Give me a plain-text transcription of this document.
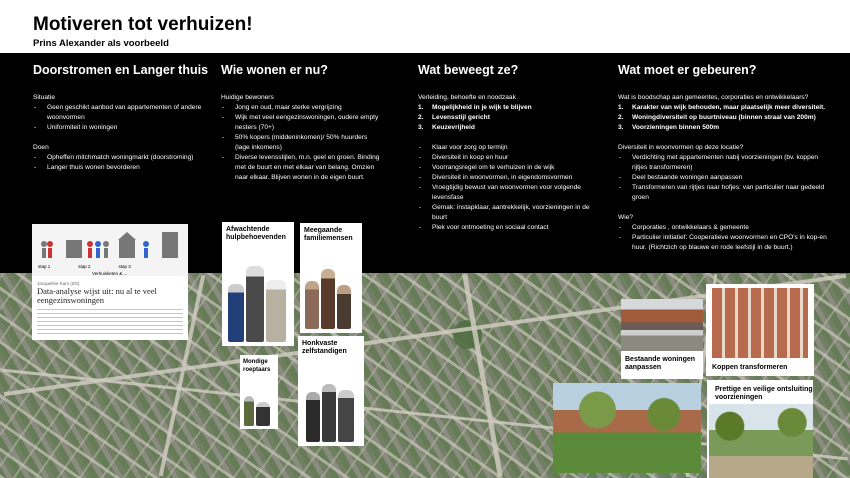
Motiveren tot verhuizen!
Prins Alexander als voorbeeld
Doorstromen en Langer thuis

Situatie

- Geen geschikt aanbod van appartementen of andere woonvormen
- Uniformiteit in woningen

Doen

- Opheffen mitchmatch woningmarkt (doorstroming)
- Langer thuis wonen bevorderen
Wie wonen er nu?

Huidige bewoners

- Jong en oud, maar sterke vergrijzing
- Wijk met veel eengezinswoningen, oudere empty nesters (70+)
- 50% kopers (middeninkomen)/ 50% huurders (lage inkomens)
- Diverse levensstijlen, m.n. geel en groen. Binding met de buurt en met elkaar van belang. Omzien naar elkaar. Blijven wonen in de eigen buurt.
Wat beweegt ze?

Verleiding, behoefte en noodzaak

1. Mogelijkheid in je wijk te blijven
2. Levensstijl gericht
3. Keuzevrijheid
- Klaar voor zorg op termijn
- Diversiteit in koop en huur
- Voorrangsregel om te verhuizen in de wijk
- Diversiteit in woonvormen, in eigendomsvormen
- Vroegtijdig bewust van woonvormen voor volgende levensfase
- Gemak: instapklaar, aantrekkelijk, voorzieningen in de buurt
- Plek voor ontmoeting en sociaal contact
Wat moet er gebeuren?

Wat is boodschap aan gemeentes, corporaties en ontwikkelaars?

1. Karakter van wijk behouden, maar plaatselijk meer diversiteit.
2. Woningdiversiteit op buurtniveau (binnen straal van 200m)
3. Voorzieningen binnen 500m

Diversiteit in woonvormen op deze locatie?

- Verdichting met appartementen nabij voorzieningen (bv. koppen rijtjes transformeren)
- Deel bestaande woningen aanpassen
- Transformeren van rijtjes naar hofjes: van particulier naar gedeeld groen

Wie?

- Corporaties , ontwikkelaars & gemeente
- Particulier initiatief: Cooperatieve woonvormen en CPO's in kop-en huur. (Richtzich op blauwe en rode leefstijl in de buurt.)
stap 1	stap 2	stap 3
Verhuisketen & ...
Jacqueline Kars (ZO)
Data-analyse wijst uit: nu al te veel eengezinswoningen
Afwachtende hulpbehoevenden
Meegaande familiemensen
Mondige roeptaars
Honkvaste zelfstandigen
Bestaande woningen aanpassen	Koppen transformeren
Prettige en veilige ontsluiting voorzieningen
